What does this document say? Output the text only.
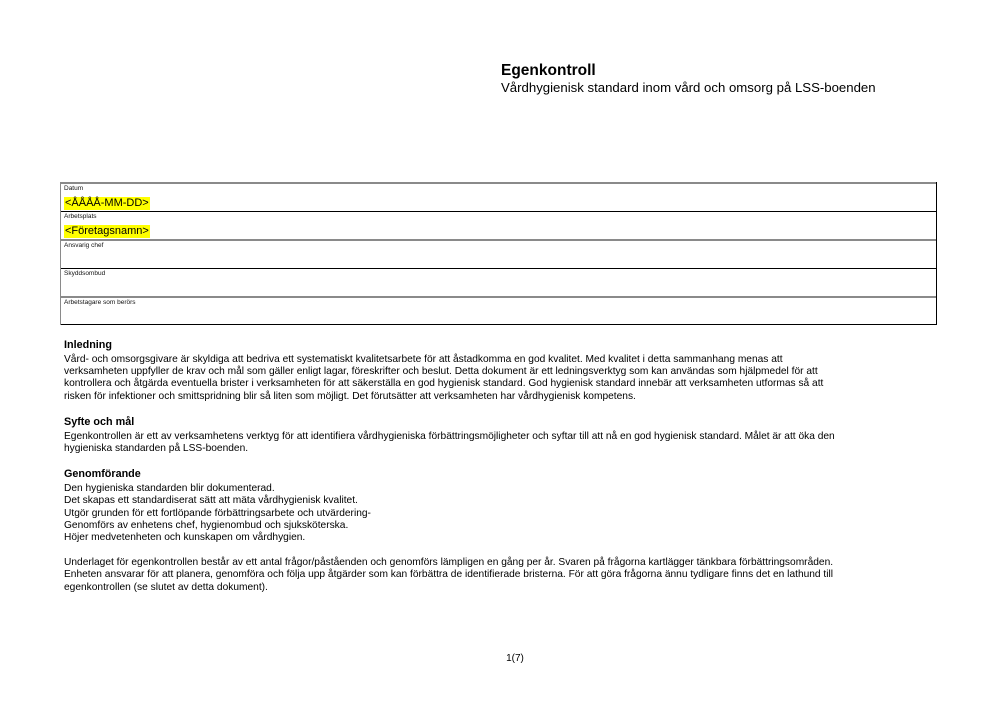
Egenkontroll

Vårdhygienisk standard inom vård och omsorg på LSS-boenden

Datum
<ÅÅÅÅ-MM-DD>
Arbetsplats
<Företagsnamn>
Ansvarig chef
Skyddsombud
Arbetstagare som berörs

Inledning

Vård- och omsorgsgivare är skyldiga att bedriva ett systematiskt kvalitetsarbete för att åstadkomma en god kvalitet. Med kvalitet i detta sammanhang menas att
verksamheten uppfyller de krav och mål som gäller enligt lagar, föreskrifter och beslut. Detta dokument är ett ledningsverktyg som kan användas som hjälpmedel för att
kontrollera och åtgärda eventuella brister i verksamheten för att säkerställa en god hygienisk standard. God hygienisk standard innebär att verksamheten utformas så att
risken för infektioner och smittspridning blir så liten som möjligt. Det förutsätter att verksamheten har vårdhygienisk kompetens.

Syfte och mål

Egenkontrollen är ett av verksamhetens verktyg för att identifiera vårdhygieniska förbättringsmöjligheter och syftar till att nå en god hygienisk standard. Målet är att öka den
hygieniska standarden på LSS-boenden.

Genomförande

Den hygieniska standarden blir dokumenterad.
Det skapas ett standardiserat sätt att mäta vårdhygienisk kvalitet.
Utgör grunden för ett fortlöpande förbättringsarbete och utvärdering-
Genomförs av enhetens chef, hygienombud och sjuksköterska.
Höjer medvetenheten och kunskapen om vårdhygien.

Underlaget för egenkontrollen består av ett antal frågor/påståenden och genomförs lämpligen en gång per år. Svaren på frågorna kartlägger tänkbara förbättringsområden.
Enheten ansvarar för att planera, genomföra och följa upp åtgärder som kan förbättra de identifierade bristerna. För att göra frågorna ännu tydligare finns det en lathund till
egenkontrollen (se slutet av detta dokument).

1(7)
